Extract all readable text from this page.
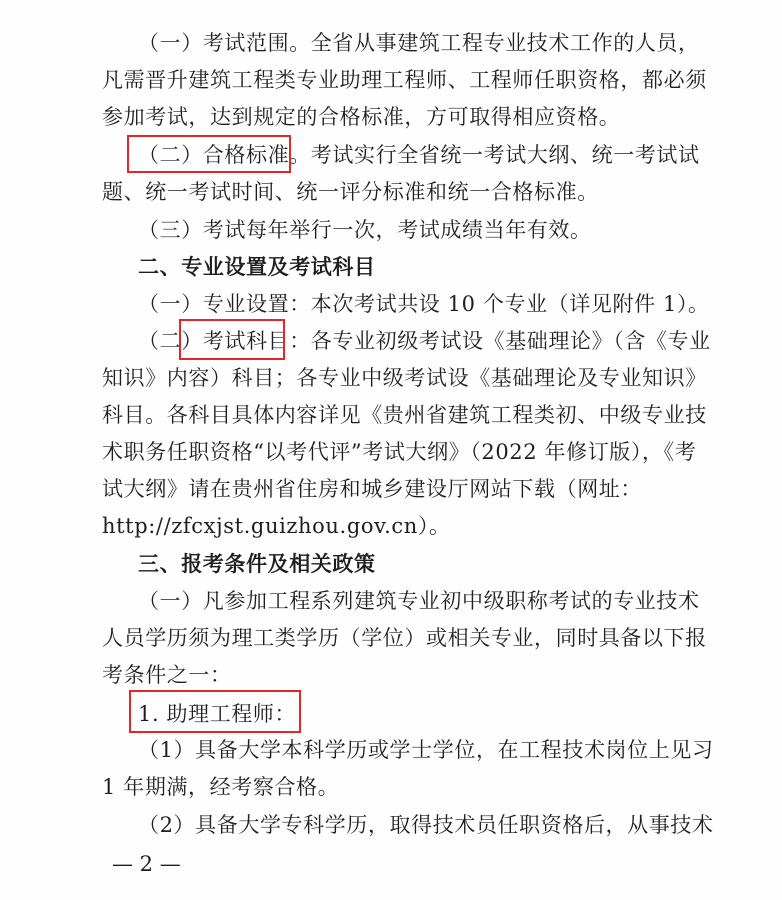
（一）考试范围。全省从事建筑工程专业技术工作的人员，
凡需晋升建筑工程类专业助理工程师、工程师任职资格，都必须
参加考试，达到规定的合格标准，方可取得相应资格。
（二）合格标准。考试实行全省统一考试大纲、统一考试试
题、统一考试时间、统一评分标准和统一合格标准。
（三）考试每年举行一次，考试成绩当年有效。
二、专业设置及考试科目
（一）专业设置：本次考试共设 10 个专业（详见附件 1）。
（二）考试科目：各专业初级考试设《基础理论》（含《专业
知识》内容）科目；各专业中级考试设《基础理论及专业知识》
科目。各科目具体内容详见《贵州省建筑工程类初、中级专业技
术职务任职资格“以考代评”考试大纲》（2022 年修订版），《考
试大纲》请在贵州省住房和城乡建设厅网站下载（网址：
http://zfcxjst.guizhou.gov.cn）。
三、报考条件及相关政策
（一）凡参加工程系列建筑专业初中级职称考试的专业技术
人员学历须为理工类学历（学位）或相关专业，同时具备以下报
考条件之一：
1. 助理工程师：
（1）具备大学本科学历或学士学位，在工程技术岗位上见习
1 年期满，经考察合格。
（2）具备大学专科学历，取得技术员任职资格后，从事技术
— 2 —
